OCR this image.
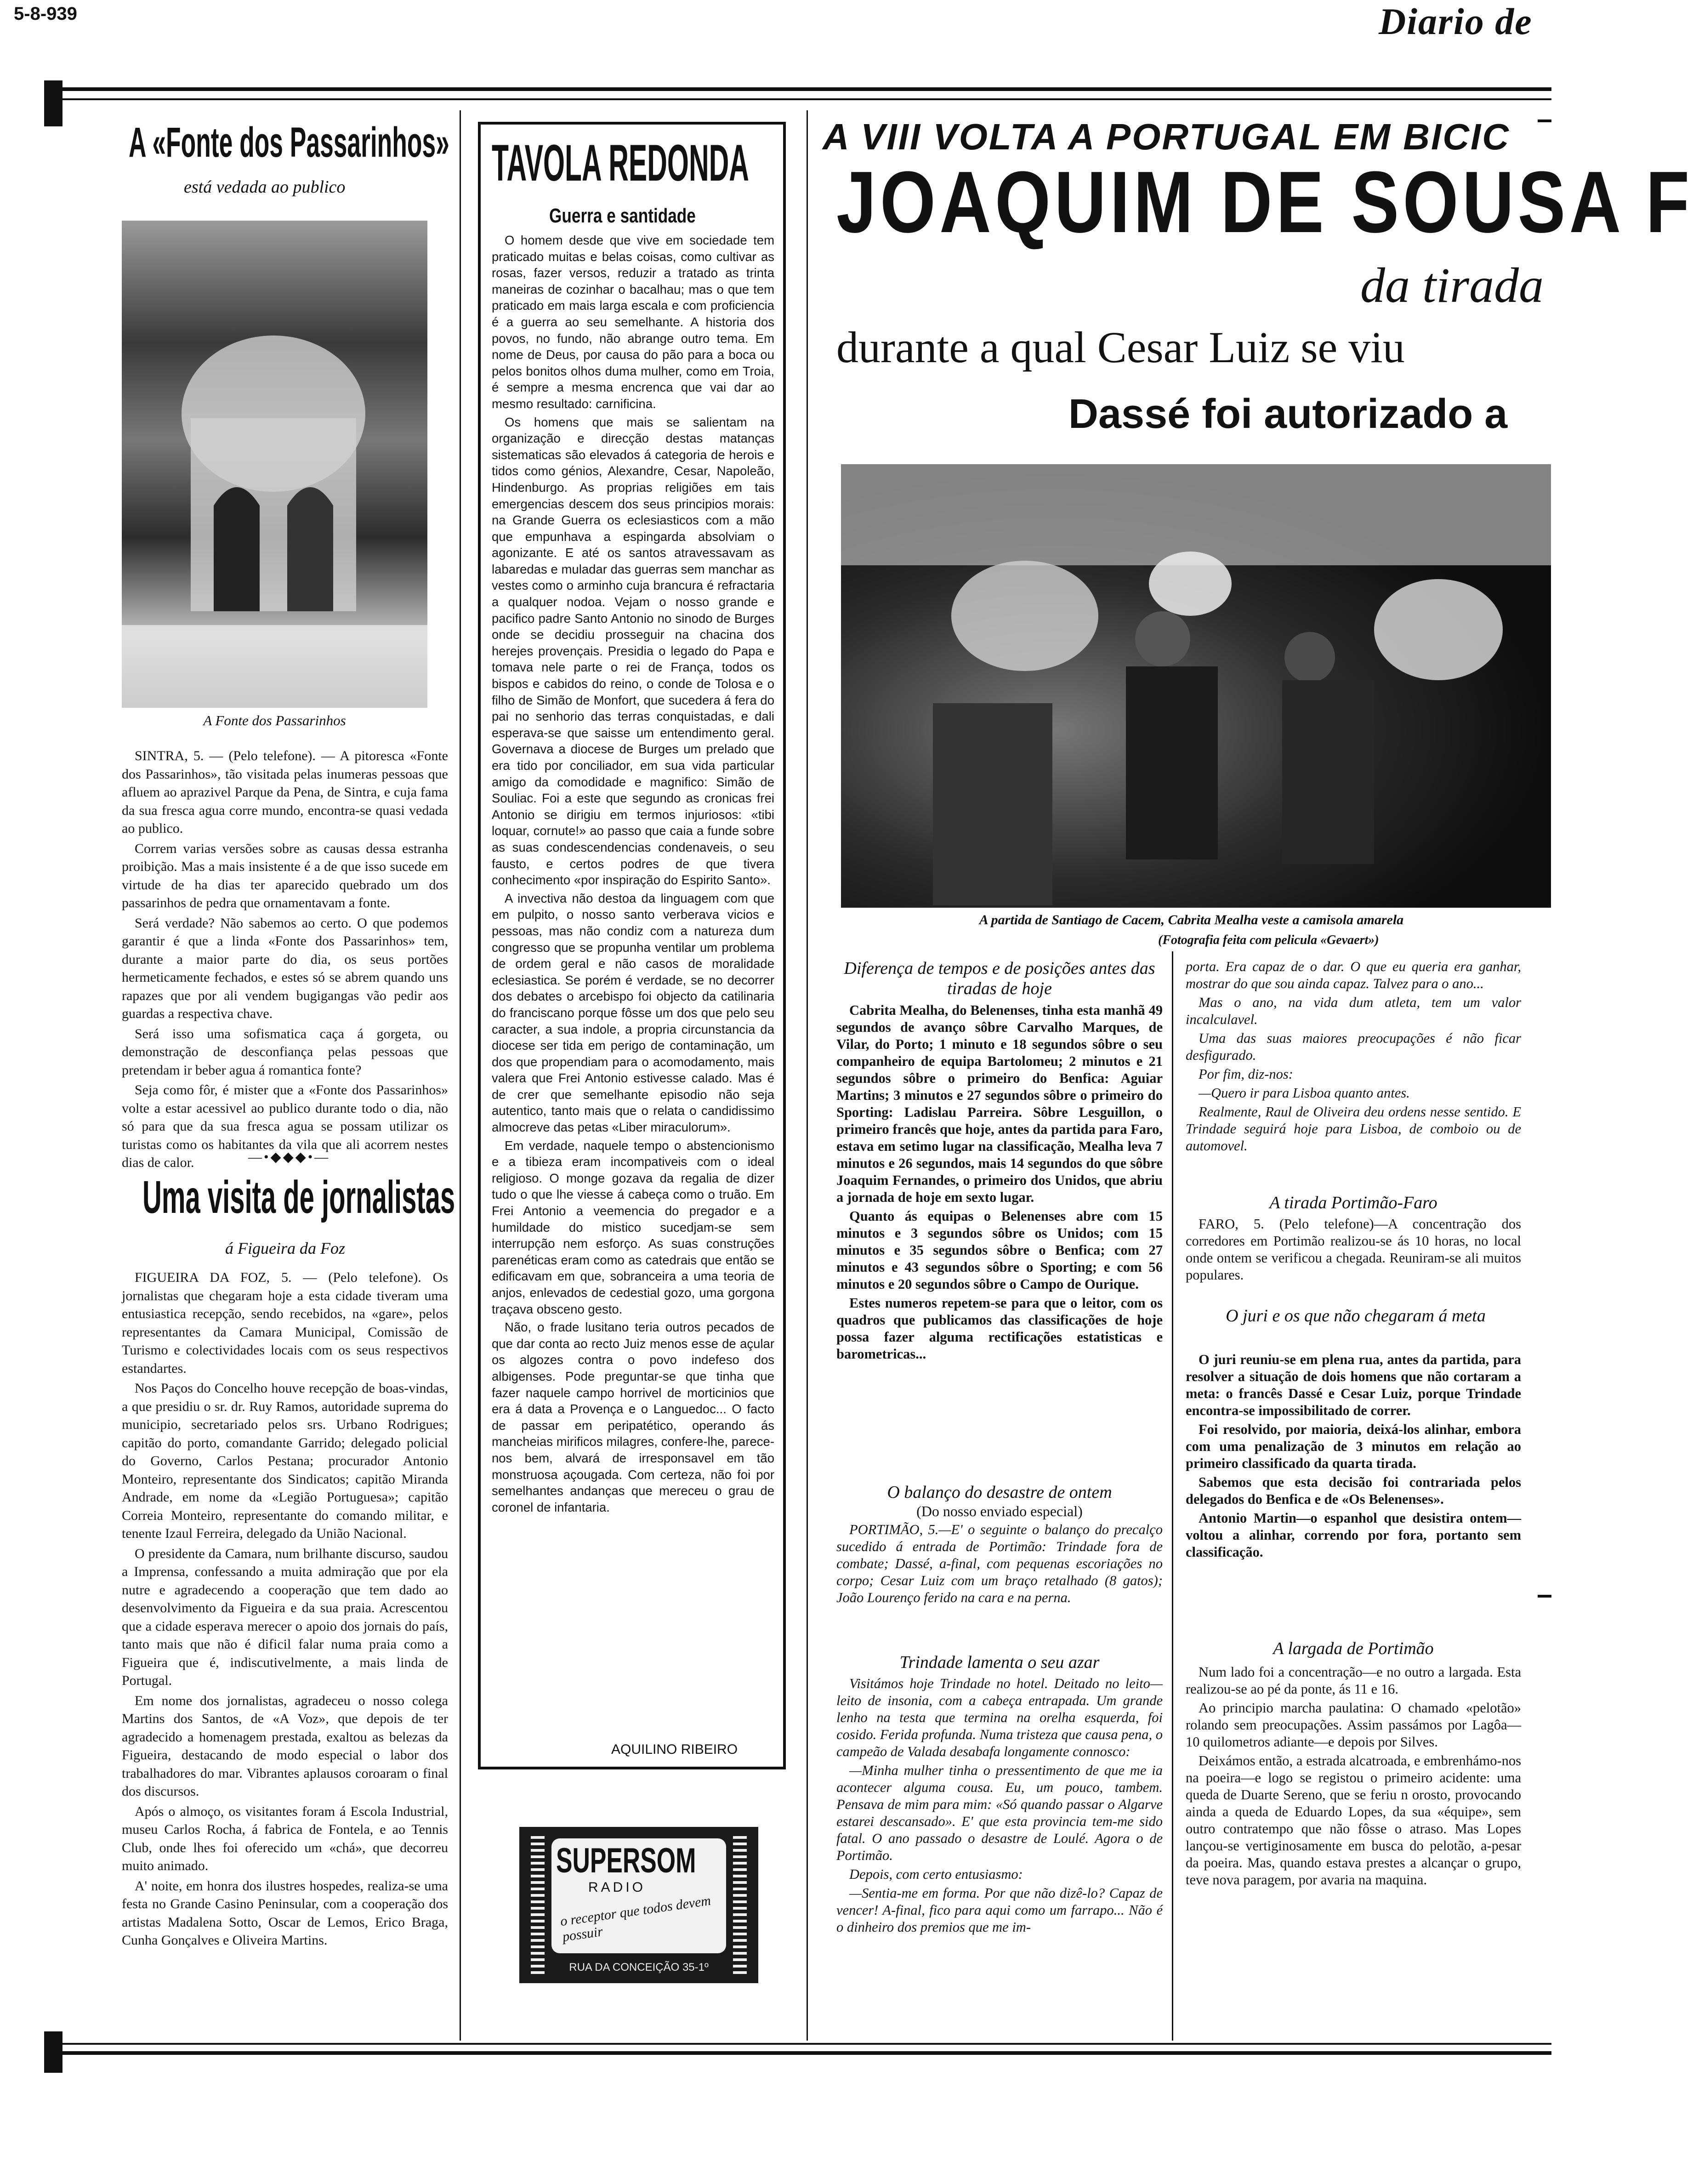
5-8-939	Diario de
A «Fonte dos Passarinhos»
está vedada ao publico
A Fonte dos Passarinhos

SINTRA, 5. — (Pelo telefone). — A pitoresca «Fonte dos Passarinhos», tão visitada pelas inumeras pessoas que afluem ao aprazivel Parque da Pena, de Sintra, e cuja fama da sua fresca agua corre mundo, encontra-se quasi vedada ao publico.

Correm varias versões sobre as causas dessa estranha proibição. Mas a mais insistente é a de que isso sucede em virtude de ha dias ter aparecido quebrado um dos passarinhos de pedra que ornamentavam a fonte.

Será verdade? Não sabemos ao certo. O que podemos garantir é que a linda «Fonte dos Passarinhos» tem, durante a maior parte do dia, os seus portões hermeticamente fechados, e estes só se abrem quando uns rapazes que por ali vendem bugigangas vão pedir aos guardas a respectiva chave.

Será isso uma sofismatica caça á gorgeta, ou demonstração de desconfiança pelas pessoas que pretendam ir beber agua á romantica fonte?

Seja como fôr, é mister que a «Fonte dos Passarinhos» volte a estar acessivel ao publico durante todo o dia, não só para que da sua fresca agua se possam utilizar os turistas como os habitantes da vila que ali acorrem nestes dias de calor.	—•◆◆◆•—
Uma visita de jornalistas
á Figueira da Foz

FIGUEIRA DA FOZ, 5. — (Pelo telefone). Os jornalistas que chegaram hoje a esta cidade tiveram uma entusiastica recepção, sendo recebidos, na «gare», pelos representantes da Camara Municipal, Comissão de Turismo e colectividades locais com os seus respectivos estandartes.

Nos Paços do Concelho houve recepção de boas-vindas, a que presidiu o sr. dr. Ruy Ramos, autoridade suprema do municipio, secretariado pelos srs. Urbano Rodrigues; capitão do porto, comandante Garrido; delegado policial do Governo, Carlos Pestana; procurador Antonio Monteiro, representante dos Sindicatos; capitão Miranda Andrade, em nome da «Legião Portuguesa»; capitão Correia Monteiro, representante do comando militar, e tenente Izaul Ferreira, delegado da União Nacional.

O presidente da Camara, num brilhante discurso, saudou a Imprensa, confessando a muita admiração que por ela nutre e agradecendo a cooperação que tem dado ao desenvolvimento da Figueira e da sua praia. Acrescentou que a cidade esperava merecer o apoio dos jornais do país, tanto mais que não é dificil falar numa praia como a Figueira que é, indiscutivelmente, a mais linda de Portugal.

Em nome dos jornalistas, agradeceu o nosso colega Martins dos Santos, de «A Voz», que depois de ter agradecido a homenagem prestada, exaltou as belezas da Figueira, destacando de modo especial o labor dos trabalhadores do mar. Vibrantes aplausos coroaram o final dos discursos.

Após o almoço, os visitantes foram á Escola Industrial, museu Carlos Rocha, á fabrica de Fontela, e ao Tennis Club, onde lhes foi oferecido um «chá», que decorreu muito animado.

A' noite, em honra dos ilustres hospedes, realiza-se uma festa no Grande Casino Peninsular, com a cooperação dos artistas Madalena Sotto, Oscar de Lemos, Erico Braga, Cunha Gonçalves e Oliveira Martins.

TAVOLA REDONDA
Guerra e santidade

O homem desde que vive em sociedade tem praticado muitas e belas coisas, como cultivar as rosas, fazer versos, reduzir a tratado as trinta maneiras de cozinhar o bacalhau; mas o que tem praticado em mais larga escala e com proficiencia é a guerra ao seu semelhante. A historia dos povos, no fundo, não abrange outro tema. Em nome de Deus, por causa do pão para a boca ou pelos bonitos olhos duma mulher, como em Troia, é sempre a mesma encrenca que vai dar ao mesmo resultado: carnificina.

Os homens que mais se salientam na organização e direcção destas matanças sistematicas são elevados á categoria de herois e tidos como génios, Alexandre, Cesar, Napoleão, Hindenburgo. As proprias religiões em tais emergencias descem dos seus principios morais: na Grande Guerra os eclesiasticos com a mão que empunhava a espingarda absolviam o agonizante. E até os santos atravessavam as labaredas e muladar das guerras sem manchar as vestes como o arminho cuja brancura é refractaria a qualquer nodoa. Vejam o nosso grande e pacifico padre Santo Antonio no sinodo de Burges onde se decidiu prosseguir na chacina dos herejes provençais. Presidia o legado do Papa e tomava nele parte o rei de França, todos os bispos e cabidos do reino, o conde de Tolosa e o filho de Simão de Monfort, que sucedera á fera do pai no senhorio das terras conquistadas, e dali esperava-se que saisse um entendimento geral. Governava a diocese de Burges um prelado que era tido por conciliador, em sua vida particular amigo da comodidade e magnifico: Simão de Souliac. Foi a este que segundo as cronicas frei Antonio se dirigiu em termos injuriosos: «tibi loquar, cornute!» ao passo que caia a funde sobre as suas condescendencias condenaveis, o seu fausto, e certos podres de que tivera conhecimento «por inspiração do Espirito Santo».

A invectiva não destoa da linguagem com que em pulpito, o nosso santo verberava vicios e pessoas, mas não condiz com a natureza dum congresso que se propunha ventilar um problema de ordem geral e não casos de moralidade eclesiastica. Se porém é verdade, se no decorrer dos debates o arcebispo foi objecto da catilinaria do franciscano porque fôsse um dos que pelo seu caracter, a sua indole, a propria circunstancia da diocese ser tida em perigo de contaminação, um dos que propendiam para o acomodamento, mais valera que Frei Antonio estivesse calado. Mas é de crer que semelhante episodio não seja autentico, tanto mais que o relata o candidissimo almocreve das petas «Liber miraculorum».

Em verdade, naquele tempo o abstencionismo e a tibieza eram incompativeis com o ideal religioso. O monge gozava da regalia de dizer tudo o que lhe viesse á cabeça como o truão. Em Frei Antonio a veemencia do pregador e a humildade do mistico sucedjam-se sem interrupção nem esforço. As suas construções parenéticas eram como as catedrais que então se edificavam em que, sobranceira a uma teoria de anjos, enlevados de cedestial gozo, uma gorgona traçava obsceno gesto.

Não, o frade lusitano teria outros pecados de que dar conta ao recto Juiz menos esse de açular os algozes contra o povo indefeso dos albigenses. Pode preguntar-se que tinha que fazer naquele campo horrivel de morticinios que era á data a Provença e o Languedoc... O facto de passar em peripatético, operando ás mancheias mirificos milagres, confere-lhe, parece-nos bem, alvará de irresponsavel em tão monstruosa açougada. Com certeza, não foi por semelhantes andanças que mereceu o grau de coronel de infantaria.

AQUILINO RIBEIRO
SUPERSOM
RADIO
o receptor que todos devem possuir
RUA DA CONCEIÇÃO 35-1º
A VIII VOLTA A PORTUGAL EM BICIC
JOAQUIM DE SOUSA F
da tirada
durante a qual Cesar Luiz se viu
Dassé foi autorizado a
A partida de Santiago de Cacem, Cabrita Mealha veste a camisola amarela
(Fotografia feita com pelicula «Gevaert»)
Diferença de tempos e de posições antes das tiradas de hoje

Cabrita Mealha, do Belenenses, tinha esta manhã 49 segundos de avanço sôbre Carvalho Marques, de Vilar, do Porto; 1 minuto e 18 segundos sôbre o seu companheiro de equipa Bartolomeu; 2 minutos e 21 segundos sôbre o primeiro do Benfica: Aguiar Martins; 3 minutos e 27 segundos sôbre o primeiro do Sporting: Ladislau Parreira. Sôbre Lesguillon, o primeiro francês que hoje, antes da partida para Faro, estava em setimo lugar na classificação, Mealha leva 7 minutos e 26 segundos, mais 14 segundos do que sôbre Joaquim Fernandes, o primeiro dos Unidos, que abriu a jornada de hoje em sexto lugar.

Quanto ás equipas o Belenenses abre com 15 minutos e 3 segundos sôbre os Unidos; com 15 minutos e 35 segundos sôbre o Benfica; com 27 minutos e 43 segundos sôbre o Sporting; e com 56 minutos e 20 segundos sôbre o Campo de Ourique.

Estes numeros repetem-se para que o leitor, com os quadros que publicamos das classificações de hoje possa fazer alguma rectificações estatisticas e barometricas...

O balanço do desastre de ontem
(Do nosso enviado especial)

PORTIMÃO, 5.—E' o seguinte o balanço do precalço sucedido á entrada de Portimão: Trindade fora de combate; Dassé, a-final, com pequenas escoriações no corpo; Cesar Luiz com um braço retalhado (8 gatos); João Lourenço ferido na cara e na perna.

Trindade lamenta o seu azar

Visitámos hoje Trindade no hotel. Deitado no leito—leito de insonia, com a cabeça entrapada. Um grande lenho na testa que termina na orelha esquerda, foi cosido. Ferida profunda. Numa tristeza que causa pena, o campeão de Valada desabafa longamente connosco:

—Minha mulher tinha o pressentimento de que me ia acontecer alguma cousa. Eu, um pouco, tambem. Pensava de mim para mim: «Só quando passar o Algarve estarei descansado». E' que esta provincia tem-me sido fatal. O ano passado o desastre de Loulé. Agora o de Portimão.

Depois, com certo entusiasmo:

—Sentia-me em forma. Por que não dizê-lo? Capaz de vencer! A-final, fico para aqui como um farrapo... Não é o dinheiro dos premios que me im-

porta. Era capaz de o dar. O que eu queria era ganhar, mostrar do que sou ainda capaz. Talvez para o ano...

Mas o ano, na vida dum atleta, tem um valor incalculavel.

Uma das suas maiores preocupações é não ficar desfigurado.

Por fim, diz-nos:

—Quero ir para Lisboa quanto antes.

Realmente, Raul de Oliveira deu ordens nesse sentido. E Trindade seguirá hoje para Lisboa, de comboio ou de automovel.

A tirada Portimão-Faro

FARO, 5. (Pelo telefone)—A concentração dos corredores em Portimão realizou-se ás 10 horas, no local onde ontem se verificou a chegada. Reuniram-se ali muitos populares.

O juri e os que não chegaram á meta

O juri reuniu-se em plena rua, antes da partida, para resolver a situação de dois homens que não cortaram a meta: o francês Dassé e Cesar Luiz, porque Trindade encontra-se impossibilitado de correr.

Foi resolvido, por maioria, deixá-los alinhar, embora com uma penalização de 3 minutos em relação ao primeiro classificado da quarta tirada.

Sabemos que esta decisão foi contrariada pelos delegados do Benfica e de «Os Belenenses».

Antonio Martin—o espanhol que desistira ontem—voltou a alinhar, correndo por fora, portanto sem classificação.

A largada de Portimão

Num lado foi a concentração—e no outro a largada. Esta realizou-se ao pé da ponte, ás 11 e 16.

Ao principio marcha paulatina: O chamado «pelotão» rolando sem preocupações. Assim passámos por Lagôa—10 quilometros adiante—e depois por Silves.

Deixámos então, a estrada alcatroada, e embrenhámo-nos na poeira—e logo se registou o primeiro acidente: uma queda de Duarte Sereno, que se feriu n orosto, provocando ainda a queda de Eduardo Lopes, da sua «équipe», sem outro contratempo que não fôsse o atraso. Mas Lopes lançou-se vertiginosamente em busca do pelotão, a-pesar da poeira. Mas, quando estava prestes a alcançar o grupo, teve nova paragem, por avaria na maquina.
